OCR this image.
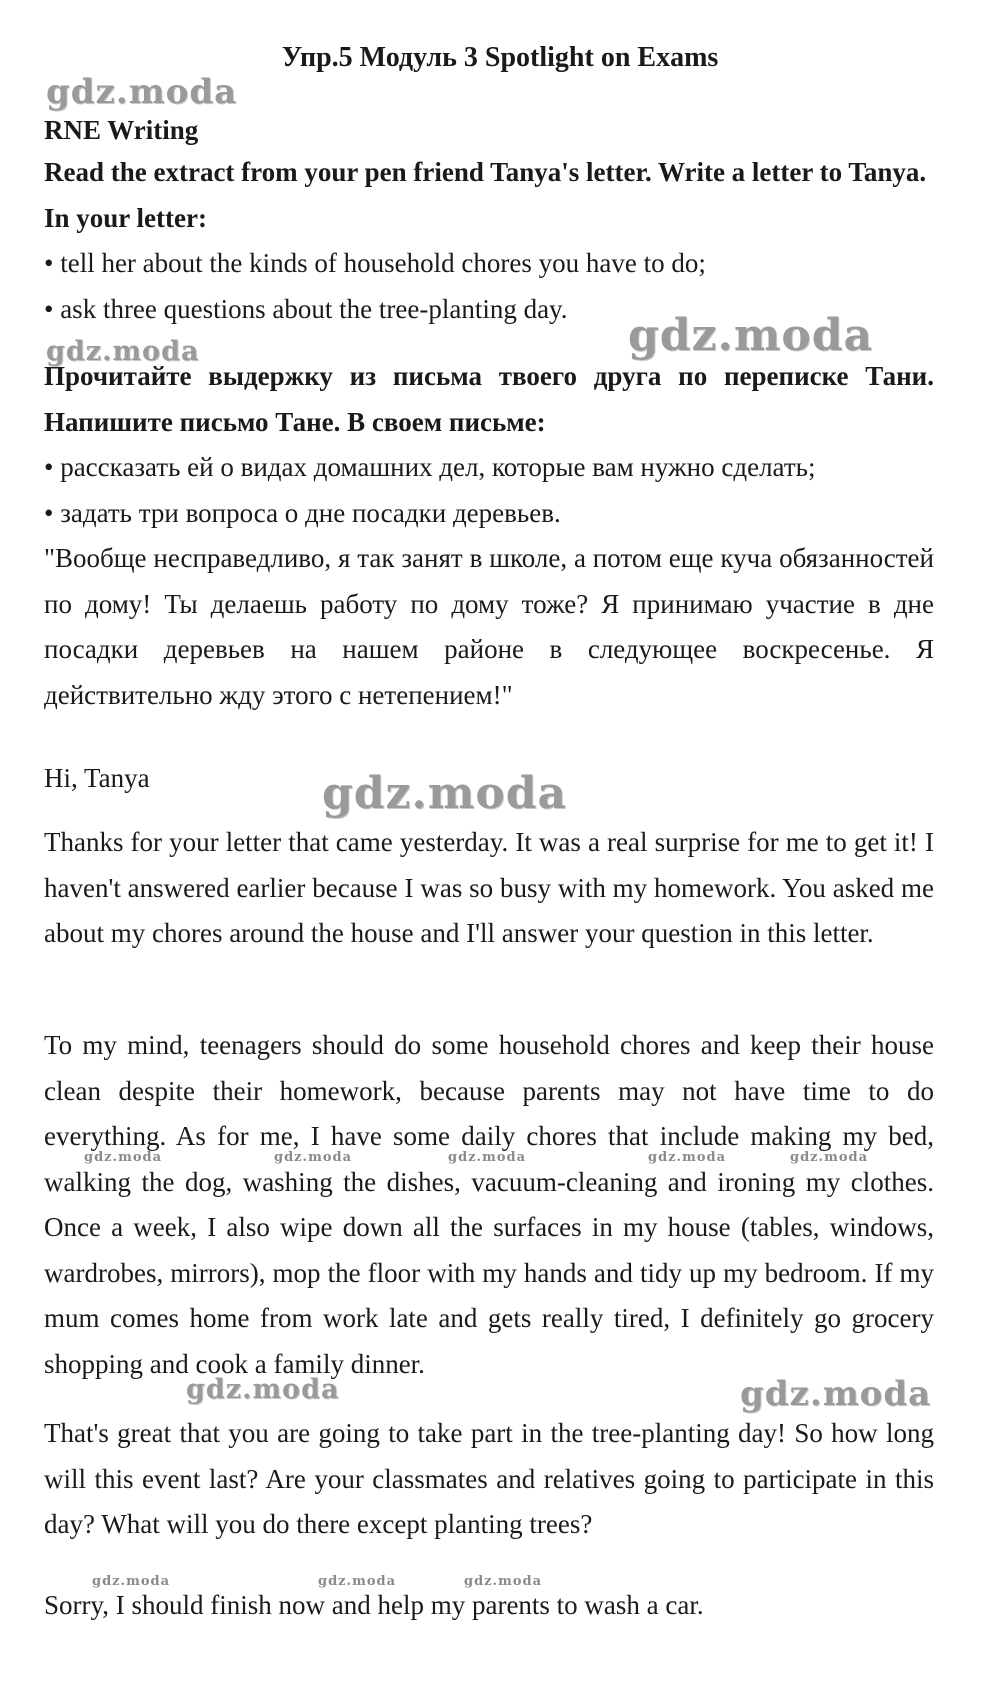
Упр.5 Модуль 3 Spotlight on Exams
RNE Writing
Read the extract from your pen friend Tanya's letter. Write a letter to Tanya. In your letter:

• tell her about the kinds of household chores you have to do;

• ask three questions about the tree-planting day.

Прочитайте выдержку из письма твоего друга по переписке Тани. Напишите письмо Тане. В своем письме:

• рассказать ей о видах домашних дел, которые вам нужно сделать;

• задать три вопроса о дне посадки деревьев.

"Вообще несправедливо, я так занят в школе, а потом еще куча обязанностей по дому! Ты делаешь работу по дому тоже? Я принимаю участие в дне посадки деревьев на нашем районе в следующее воскресенье. Я действительно жду этого с нетепением!"
Hi, Tanya
Thanks for your letter that came yesterday. It was a real surprise for me to get it! I haven't answered earlier because I was so busy with my homework. You asked me about my chores around the house and I'll answer your question in this letter.
To my mind, teenagers should do some household chores and keep their house clean despite their homework, because parents may not have time to do everything. As for me, I have some daily chores that include making my bed, walking the dog, washing the dishes, vacuum-cleaning and ironing my clothes. Once a week, I also wipe down all the surfaces in my house (tables, windows, wardrobes, mirrors), mop the floor with my hands and tidy up my bedroom. If my mum comes home from work late and gets really tired, I definitely go grocery shopping and cook a family dinner.
That's great that you are going to take part in the tree-planting day! So how long will this event last? Are your classmates and relatives going to participate in this day? What will you do there except planting trees?
Sorry, I should finish now and help my parents to wash a car.
gdz.moda
gdz.moda	gdz.moda
gdz.moda
gdz.moda	gdz.moda
gdz.moda	gdz.moda	gdz.moda	gdz.moda	gdz.moda
gdz.moda	gdz.moda	gdz.moda
